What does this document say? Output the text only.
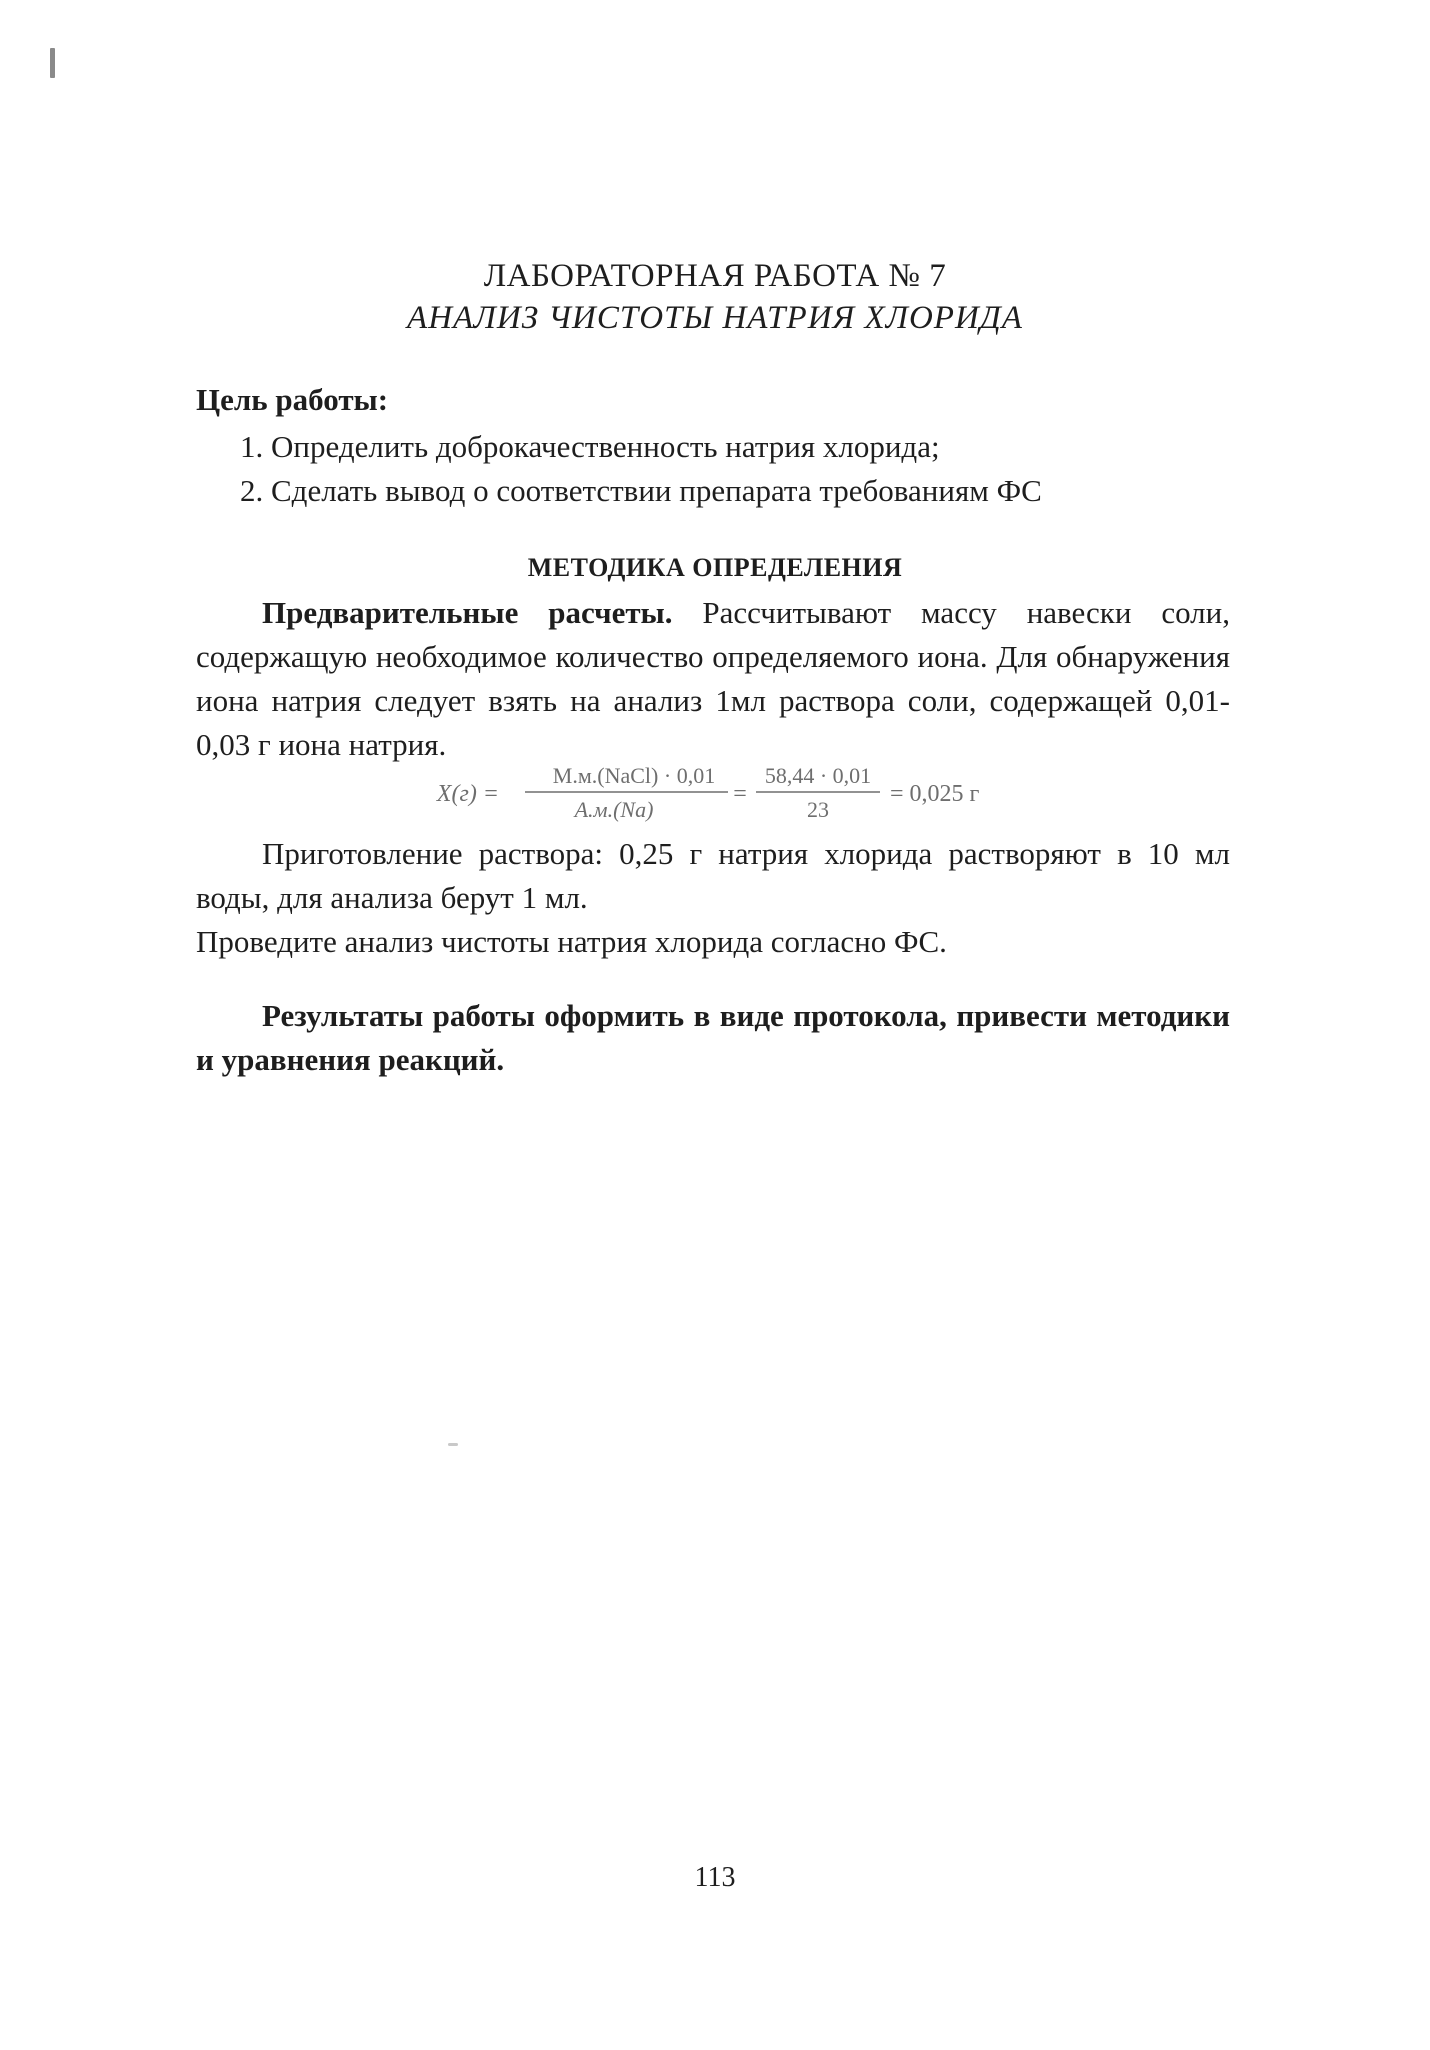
ЛАБОРАТОРНАЯ РАБОТА № 7
АНАЛИЗ ЧИСТОТЫ НАТРИЯ ХЛОРИДА
Цель работы:
1. Определить доброкачественность натрия хлорида;
2. Сделать вывод о соответствии препарата требованиям ФС
МЕТОДИКА ОПРЕДЕЛЕНИЯ

Предварительные расчеты. Рассчитывают массу навески соли, содержащую необходимое количество определяемого иона. Для обнаружения иона натрия следует взять на анализ 1мл раствора соли, содержащей 0,01-0,03 г иона натрия.

X(г) =
М.м.(NaCl) · 0,01
А.м.(Na)
=
58,44 · 0,01
23
= 0,025 г

Приготовление раствора: 0,25 г натрия хлорида растворяют в 10 мл воды, для анализа берут 1 мл.

Проведите анализ чистоты натрия хлорида согласно ФС.

Результаты работы оформить в виде протокола, привести методики и уравнения реакций.

113
